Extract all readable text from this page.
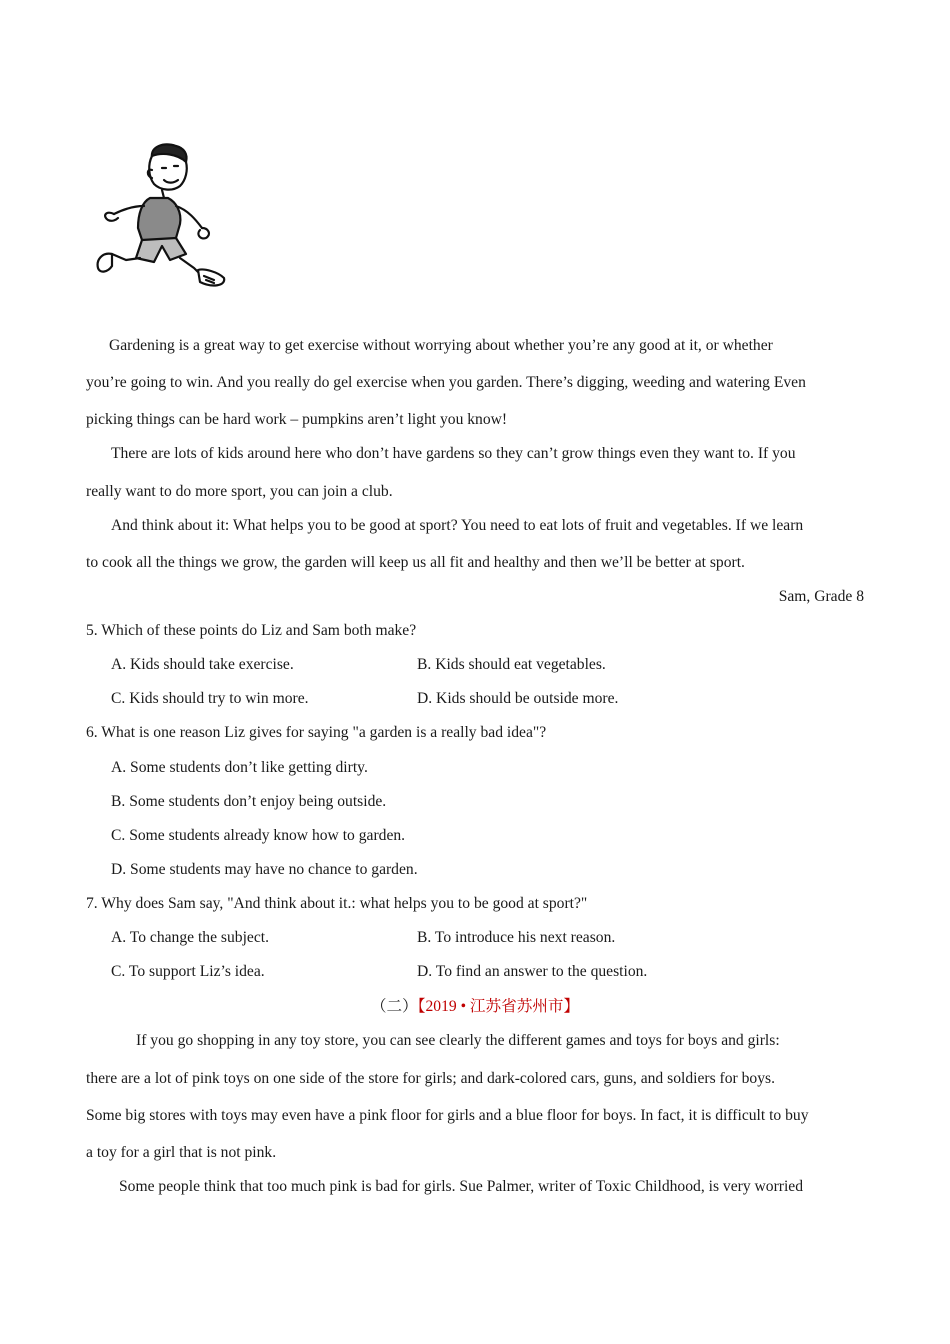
Gardening is a great way to get exercise without worrying about whether you’re any good at it, or whether
you’re going to win. And you really do gel exercise when you garden. There’s digging, weeding and watering Even
picking things can be hard work – pumpkins aren’t light you know!
There are lots of kids around here who don’t have gardens so they can’t grow things even they want to. If you
really want to do more sport, you can join a club.
And think about it: What helps you to be good at sport? You need to eat lots of fruit and vegetables. If we learn
to cook all the things we grow, the garden will keep us all fit and healthy and then we’ll be better at sport.
Sam, Grade 8
5. Which of these points do Liz and Sam both make?
A. Kids should take exercise.	B. Kids should eat vegetables.
C. Kids should try to win more.	D. Kids should be outside more.
6. What is one reason Liz gives for saying "a garden is a really bad idea"?
A. Some students don’t like getting dirty.
B. Some students don’t enjoy being outside.
C. Some students already know how to garden.
D. Some students may have no chance to garden.
7. Why does Sam say, "And think about it.: what helps you to be good at sport?"
A. To change the subject.	B. To introduce his next reason.
C. To support Liz’s idea.	D. To find an answer to the question.
（二）【2019 • 江苏省苏州市】
If you go shopping in any toy store, you can see clearly the different games and toys for boys and girls:
there are a lot of pink toys on one side of the store for girls; and dark-colored cars, guns, and soldiers for boys.
Some big stores with toys may even have a pink floor for girls and a blue floor for boys. In fact, it is difficult to buy
a toy for a girl that is not pink.
Some people think that too much pink is bad for girls. Sue Palmer, writer of Toxic Childhood, is very worried
